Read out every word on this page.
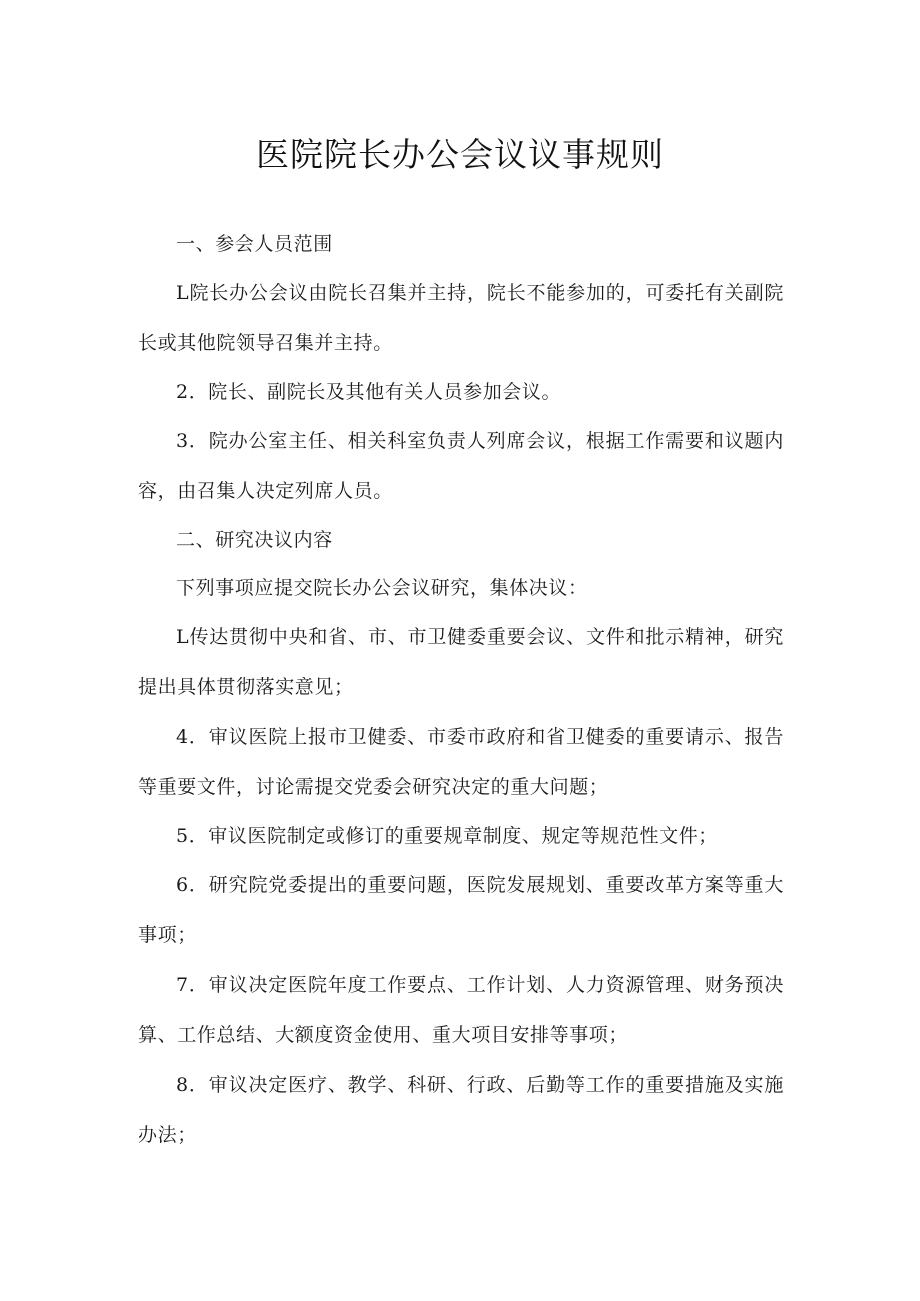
医院院长办公会议议事规则

一、参会人员范围

L院长办公会议由院长召集并主持，院长不能参加的，可委托有关副院长或其他院领导召集并主持。

2．院长、副院长及其他有关人员参加会议。

3．院办公室主任、相关科室负责人列席会议，根据工作需要和议题内容，由召集人决定列席人员。

二、研究决议内容

下列事项应提交院长办公会议研究，集体决议：

L传达贯彻中央和省、市、市卫健委重要会议、文件和批示精神，研究提出具体贯彻落实意见；

4．审议医院上报市卫健委、市委市政府和省卫健委的重要请示、报告等重要文件，讨论需提交党委会研究决定的重大问题；

5．审议医院制定或修订的重要规章制度、规定等规范性文件；

6．研究院党委提出的重要问题，医院发展规划、重要改革方案等重大事项；

7．审议决定医院年度工作要点、工作计划、人力资源管理、财务预决算、工作总结、大额度资金使用、重大项目安排等事项；

8．审议决定医疗、教学、科研、行政、后勤等工作的重要措施及实施办法；
